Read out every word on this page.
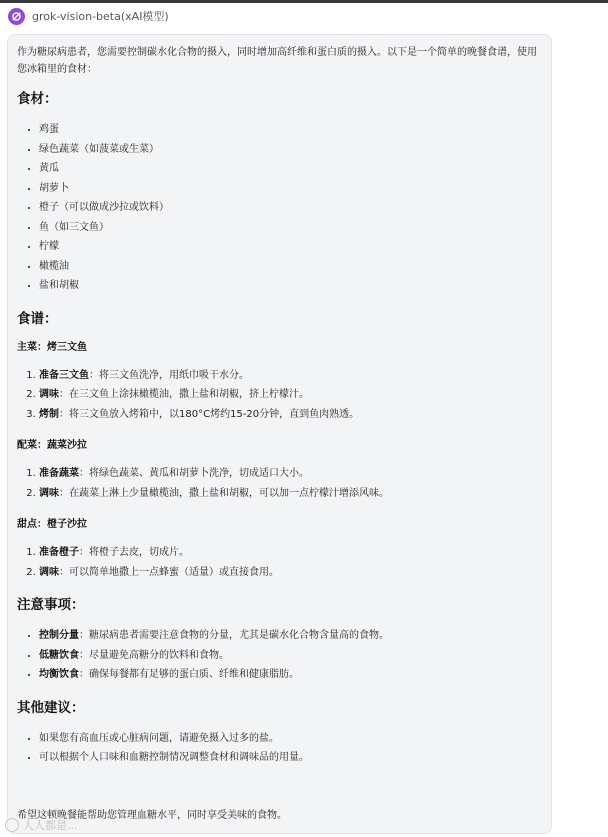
grok-vision-beta(xAI模型)

作为糖尿病患者，您需要控制碳水化合物的摄入，同时增加高纤维和蛋白质的摄入。以下是一个简单的晚餐食谱，使用您冰箱里的食材：

食材：
• 鸡蛋
• 绿色蔬菜（如菠菜或生菜）
• 黄瓜
• 胡萝卜
• 橙子（可以做成沙拉或饮料）
• 鱼（如三文鱼）
• 柠檬
• 橄榄油
• 盐和胡椒
食谱：
主菜：烤三文鱼
1. 准备三文鱼：将三文鱼洗净，用纸巾吸干水分。
2. 调味：在三文鱼上涂抹橄榄油，撒上盐和胡椒，挤上柠檬汁。
3. 烤制：将三文鱼放入烤箱中，以180°C烤约15-20分钟，直到鱼肉熟透。
配菜：蔬菜沙拉
1. 准备蔬菜：将绿色蔬菜、黄瓜和胡萝卜洗净，切成适口大小。
2. 调味：在蔬菜上淋上少量橄榄油，撒上盐和胡椒，可以加一点柠檬汁增添风味。
甜点：橙子沙拉
1. 准备橙子：将橙子去皮，切成片。
2. 调味：可以简单地撒上一点蜂蜜（适量）或直接食用。
注意事项：
• 控制分量：糖尿病患者需要注意食物的分量，尤其是碳水化合物含量高的食物。
• 低糖饮食：尽量避免高糖分的饮料和食物。
• 均衡饮食：确保每餐都有足够的蛋白质、纤维和健康脂肪。
其他建议：
• 如果您有高血压或心脏病问题，请避免摄入过多的盐。
• 可以根据个人口味和血糖控制情况调整食材和调味品的用量。

希望这顿晚餐能帮助您管理血糖水平，同时享受美味的食物。

人人都是...
